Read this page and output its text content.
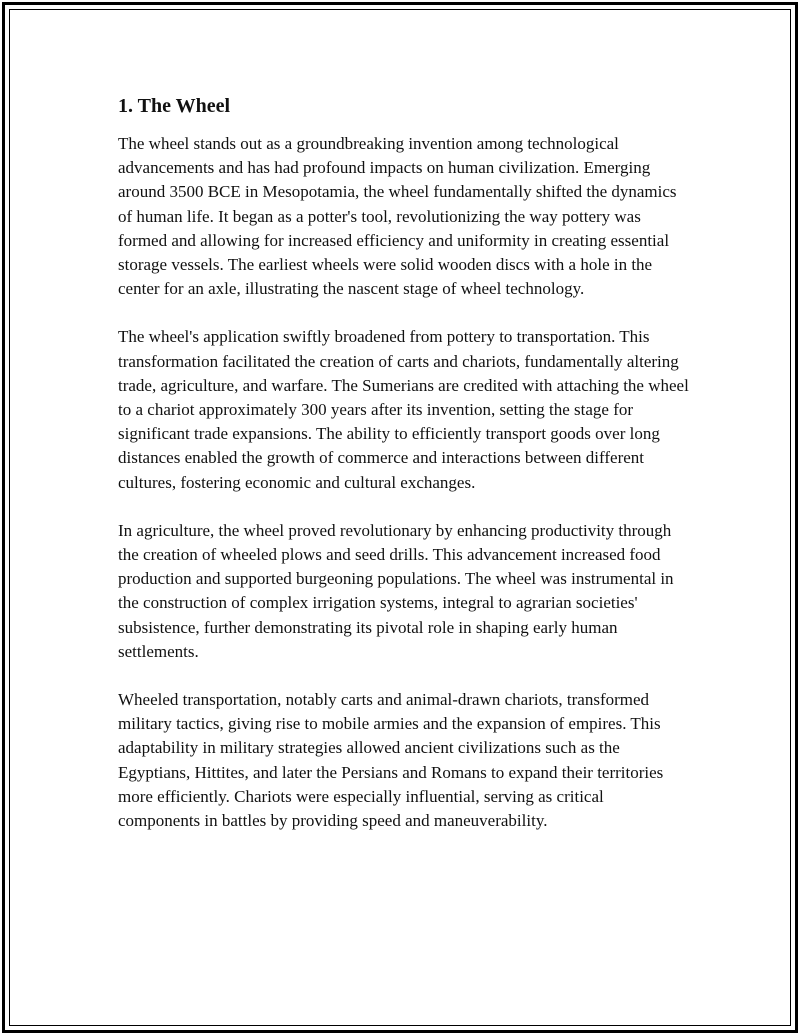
1. The Wheel

The wheel stands out as a groundbreaking invention among technological advancements and has had profound impacts on human civilization. Emerging around 3500 BCE in Mesopotamia, the wheel fundamentally shifted the dynamics of human life. It began as a potter's tool, revolutionizing the way pottery was formed and allowing for increased efficiency and uniformity in creating essential storage vessels. The earliest wheels were solid wooden discs with a hole in the center for an axle, illustrating the nascent stage of wheel technology.

The wheel's application swiftly broadened from pottery to transportation. This transformation facilitated the creation of carts and chariots, fundamentally altering trade, agriculture, and warfare. The Sumerians are credited with attaching the wheel to a chariot approximately 300 years after its invention, setting the stage for significant trade expansions. The ability to efficiently transport goods over long distances enabled the growth of commerce and interactions between different cultures, fostering economic and cultural exchanges.

In agriculture, the wheel proved revolutionary by enhancing productivity through the creation of wheeled plows and seed drills. This advancement increased food production and supported burgeoning populations. The wheel was instrumental in the construction of complex irrigation systems, integral to agrarian societies' subsistence, further demonstrating its pivotal role in shaping early human settlements.

Wheeled transportation, notably carts and animal-drawn chariots, transformed military tactics, giving rise to mobile armies and the expansion of empires. This adaptability in military strategies allowed ancient civilizations such as the Egyptians, Hittites, and later the Persians and Romans to expand their territories more efficiently. Chariots were especially influential, serving as critical components in battles by providing speed and maneuverability.
